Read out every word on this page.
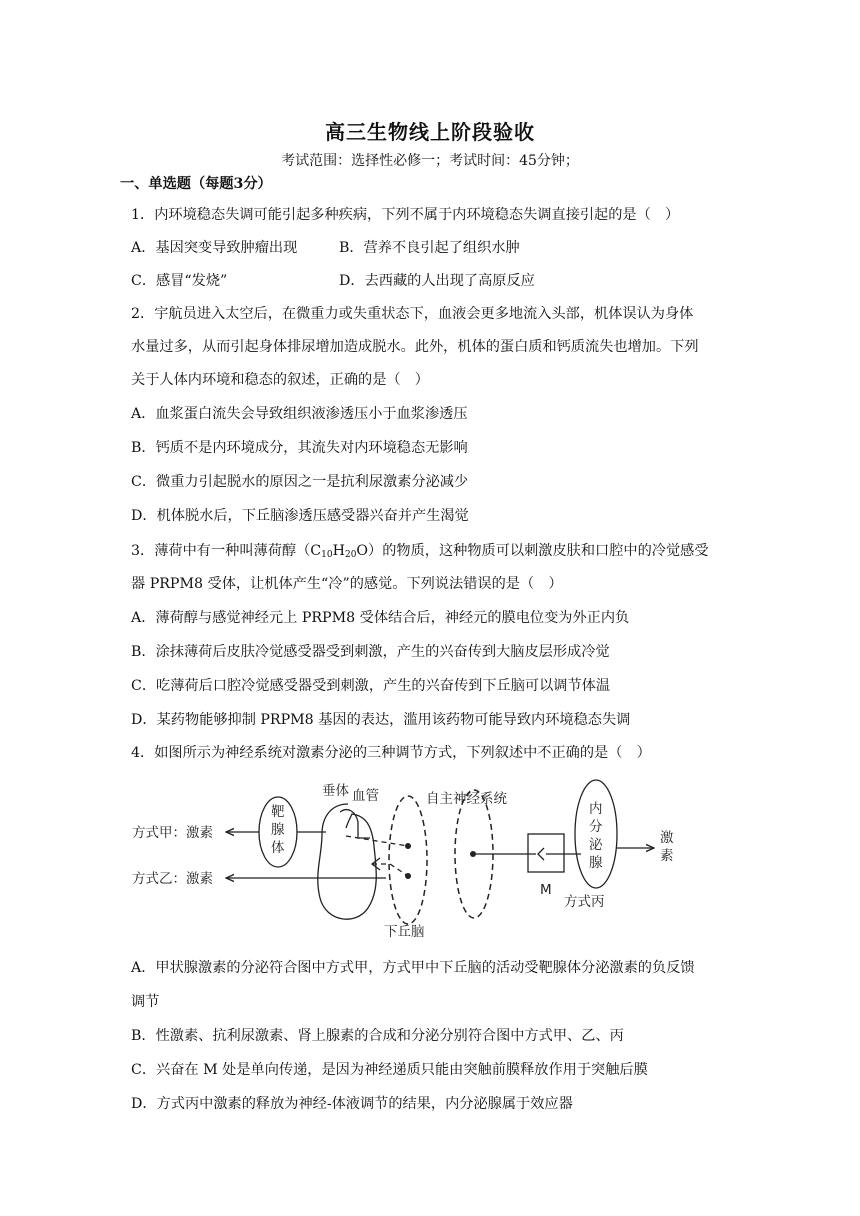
高三生物线上阶段验收
考试范围：选择性必修一；考试时间：45分钟；
一、单选题（每题3分）
1．内环境稳态失调可能引起多种疾病，下列不属于内环境稳态失调直接引起的是（　）
A．基因突变导致肿瘤出现	B．营养不良引起了组织水肿
C．感冒“发烧”	D．去西藏的人出现了高原反应
2．宇航员进入太空后，在微重力或失重状态下，血液会更多地流入头部，机体误认为身体
水量过多，从而引起身体排尿增加造成脱水。此外，机体的蛋白质和钙质流失也增加。下列
关于人体内环境和稳态的叙述，正确的是（　）
A．血浆蛋白流失会导致组织液渗透压小于血浆渗透压
B．钙质不是内环境成分，其流失对内环境稳态无影响
C．微重力引起脱水的原因之一是抗利尿激素分泌减少
D．机体脱水后，下丘脑渗透压感受器兴奋并产生渴觉
3．薄荷中有一种叫薄荷醇$(C_{10}H_{20}O)$的物质，这种物质可以刺激皮肤和口腔中的冷觉感受
器 PRPM8 受体，让机体产生“冷”的感觉。下列说法错误的是（　）
A．薄荷醇与感觉神经元上 PRPM8 受体结合后，神经元的膜电位变为外正内负
B．涂抹薄荷后皮肤冷觉感受器受到刺激，产生的兴奋传到大脑皮层形成冷觉
C．吃薄荷后口腔冷觉感受器受到刺激，产生的兴奋传到下丘脑可以调节体温
D．某药物能够抑制 PRPM8 基因的表达，滥用该药物可能导致内环境稳态失调
4．如图所示为神经系统对激素分泌的三种调节方式，下列叙述中不正确的是（　）
方式甲：激素
方式乙：激素
靶
腺
体
垂体 血管
下丘脑
自主神经系统
M
内
分
泌
腺
激
素
方式丙
A．甲状腺激素的分泌符合图中方式甲，方式甲中下丘脑的活动受靶腺体分泌激素的负反馈
调节
B．性激素、抗利尿激素、肾上腺素的合成和分泌分别符合图中方式甲、乙、丙
C．兴奋在 M 处是单向传递，是因为神经递质只能由突触前膜释放作用于突触后膜
D．方式丙中激素的释放为神经-体液调节的结果，内分泌腺属于效应器
